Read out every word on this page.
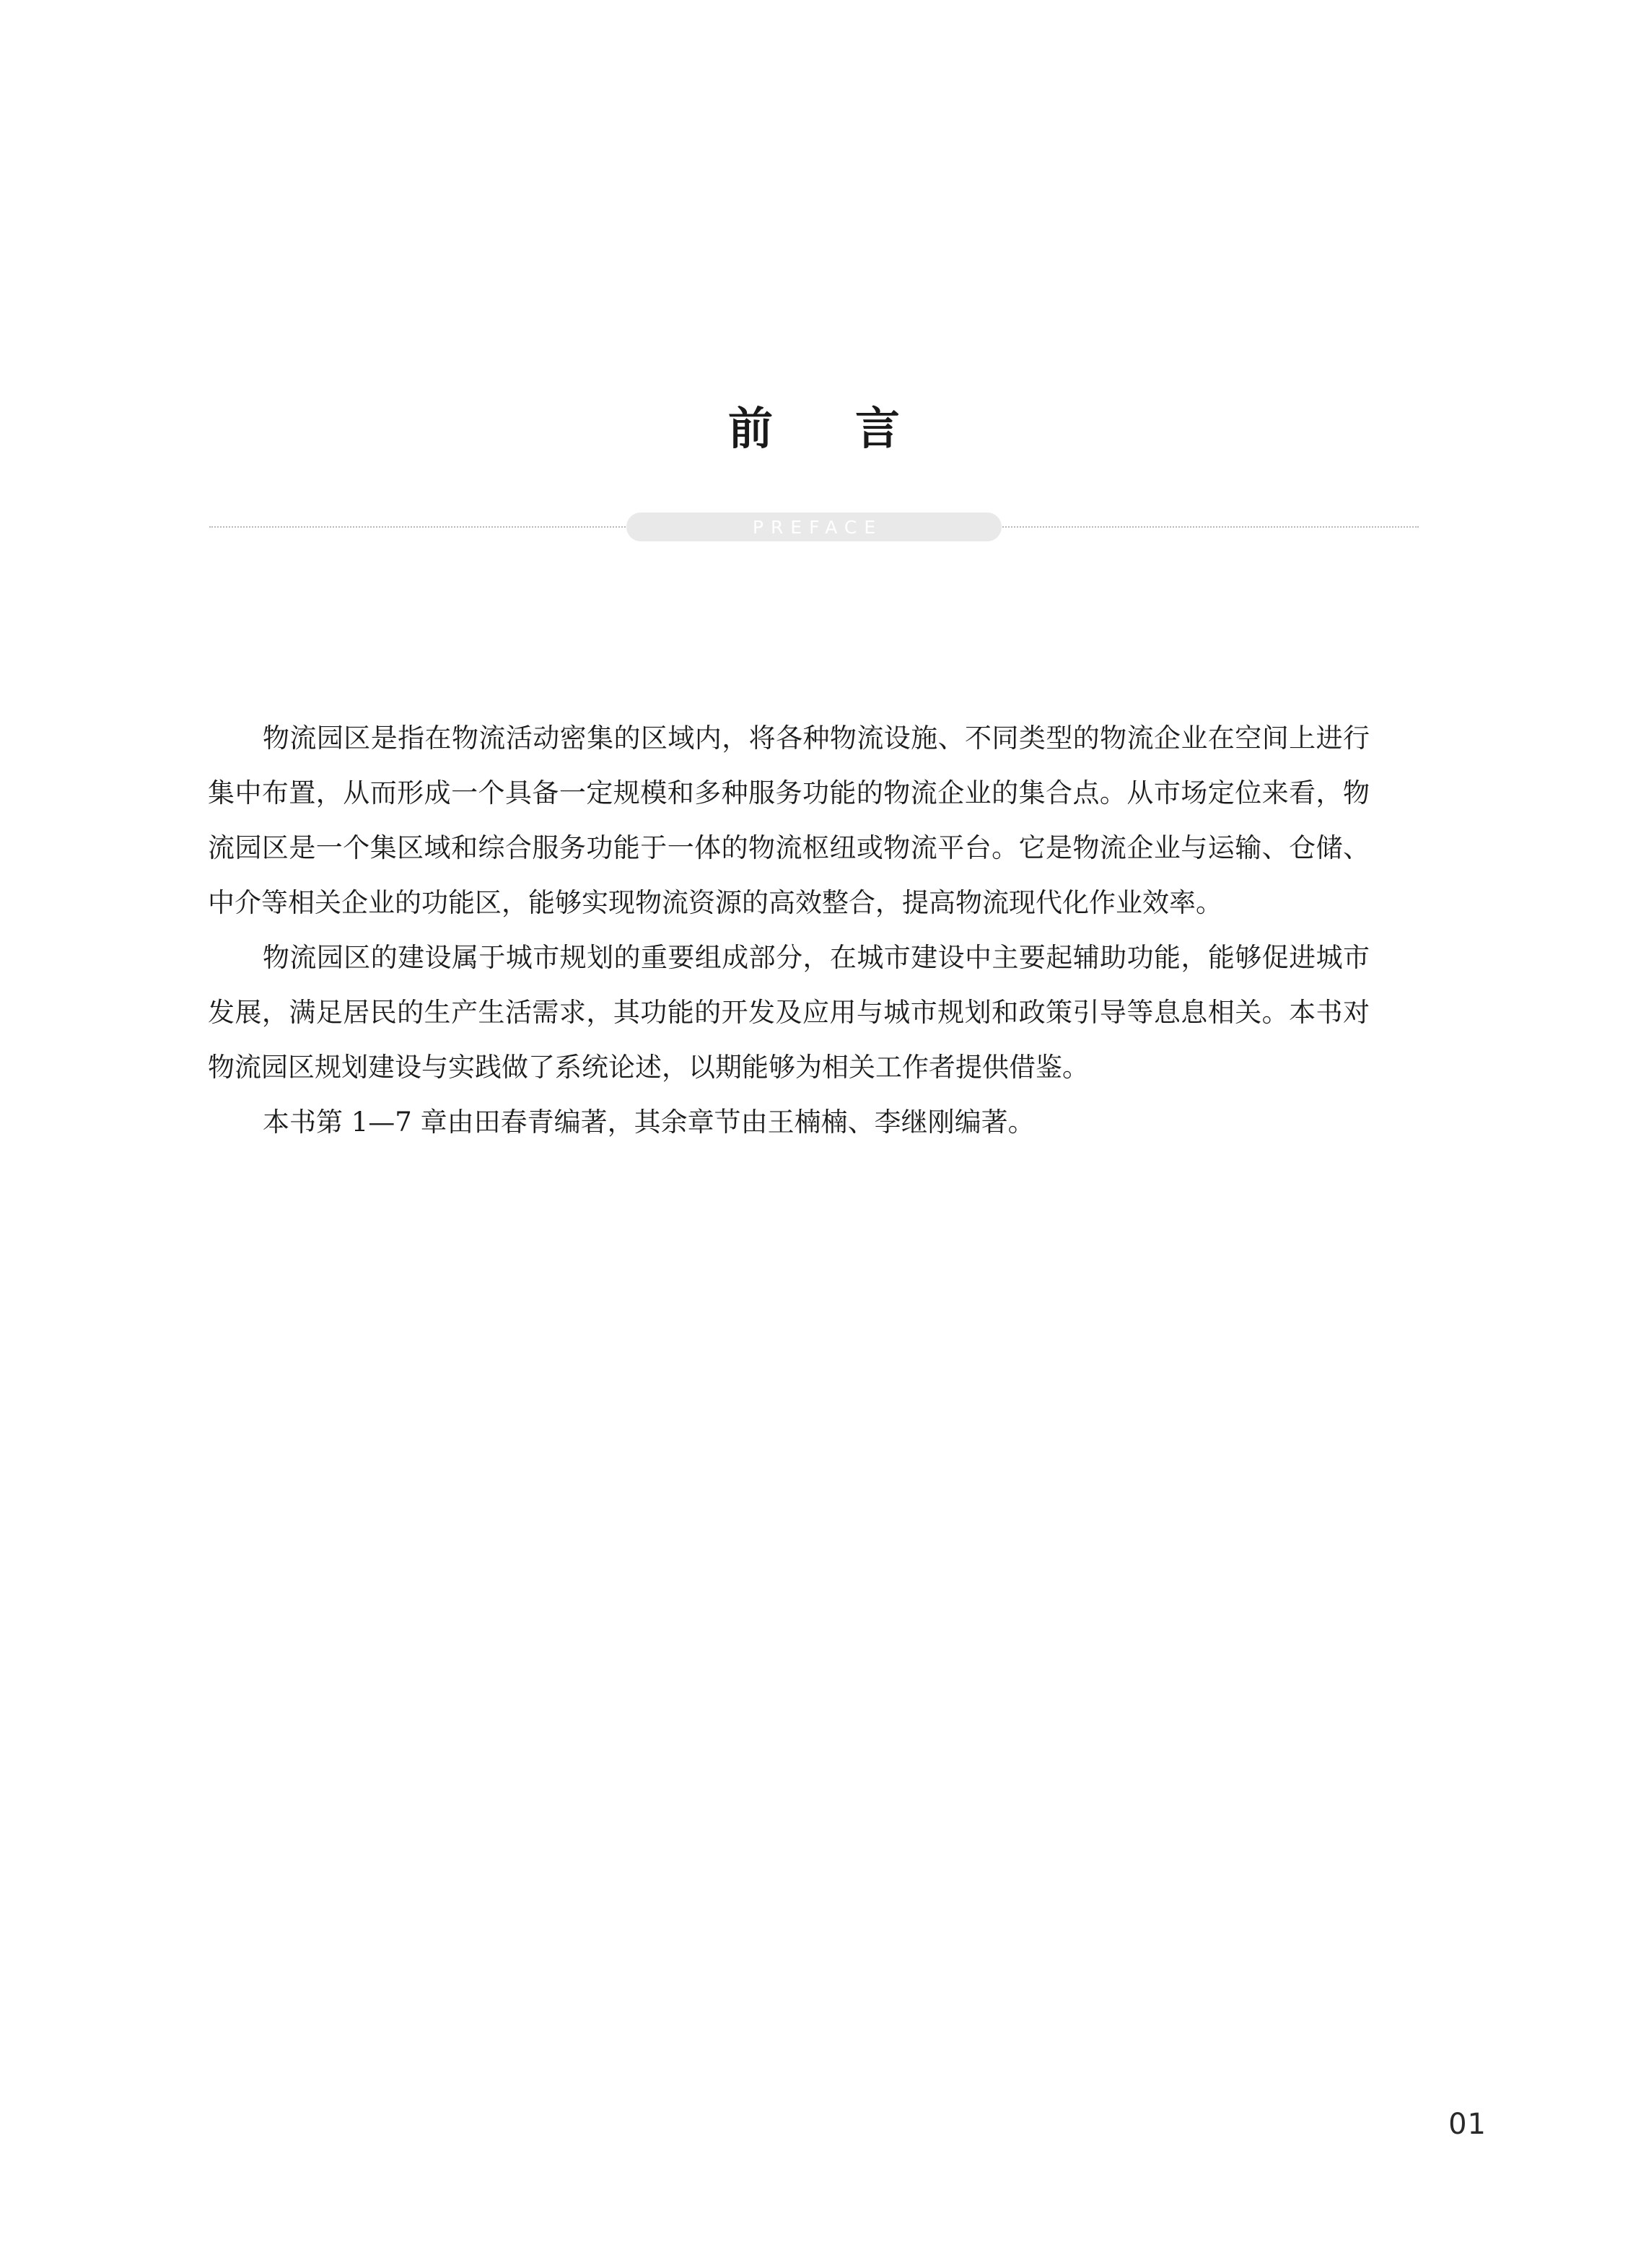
前　言
PREFACE

物流园区是指在物流活动密集的区域内，将各种物流设施、不同类型的物流企业在空间上进行集中布置，从而形成一个具备一定规模和多种服务功能的物流企业的集合点。从市场定位来看，物流园区是一个集区域和综合服务功能于一体的物流枢纽或物流平台。它是物流企业与运输、仓储、中介等相关企业的功能区，能够实现物流资源的高效整合，提高物流现代化作业效率。

物流园区的建设属于城市规划的重要组成部分，在城市建设中主要起辅助功能，能够促进城市发展，满足居民的生产生活需求，其功能的开发及应用与城市规划和政策引导等息息相关。本书对物流园区规划建设与实践做了系统论述，以期能够为相关工作者提供借鉴。

本书第 1—7 章由田春青编著，其余章节由王楠楠、李继刚编著。

01
